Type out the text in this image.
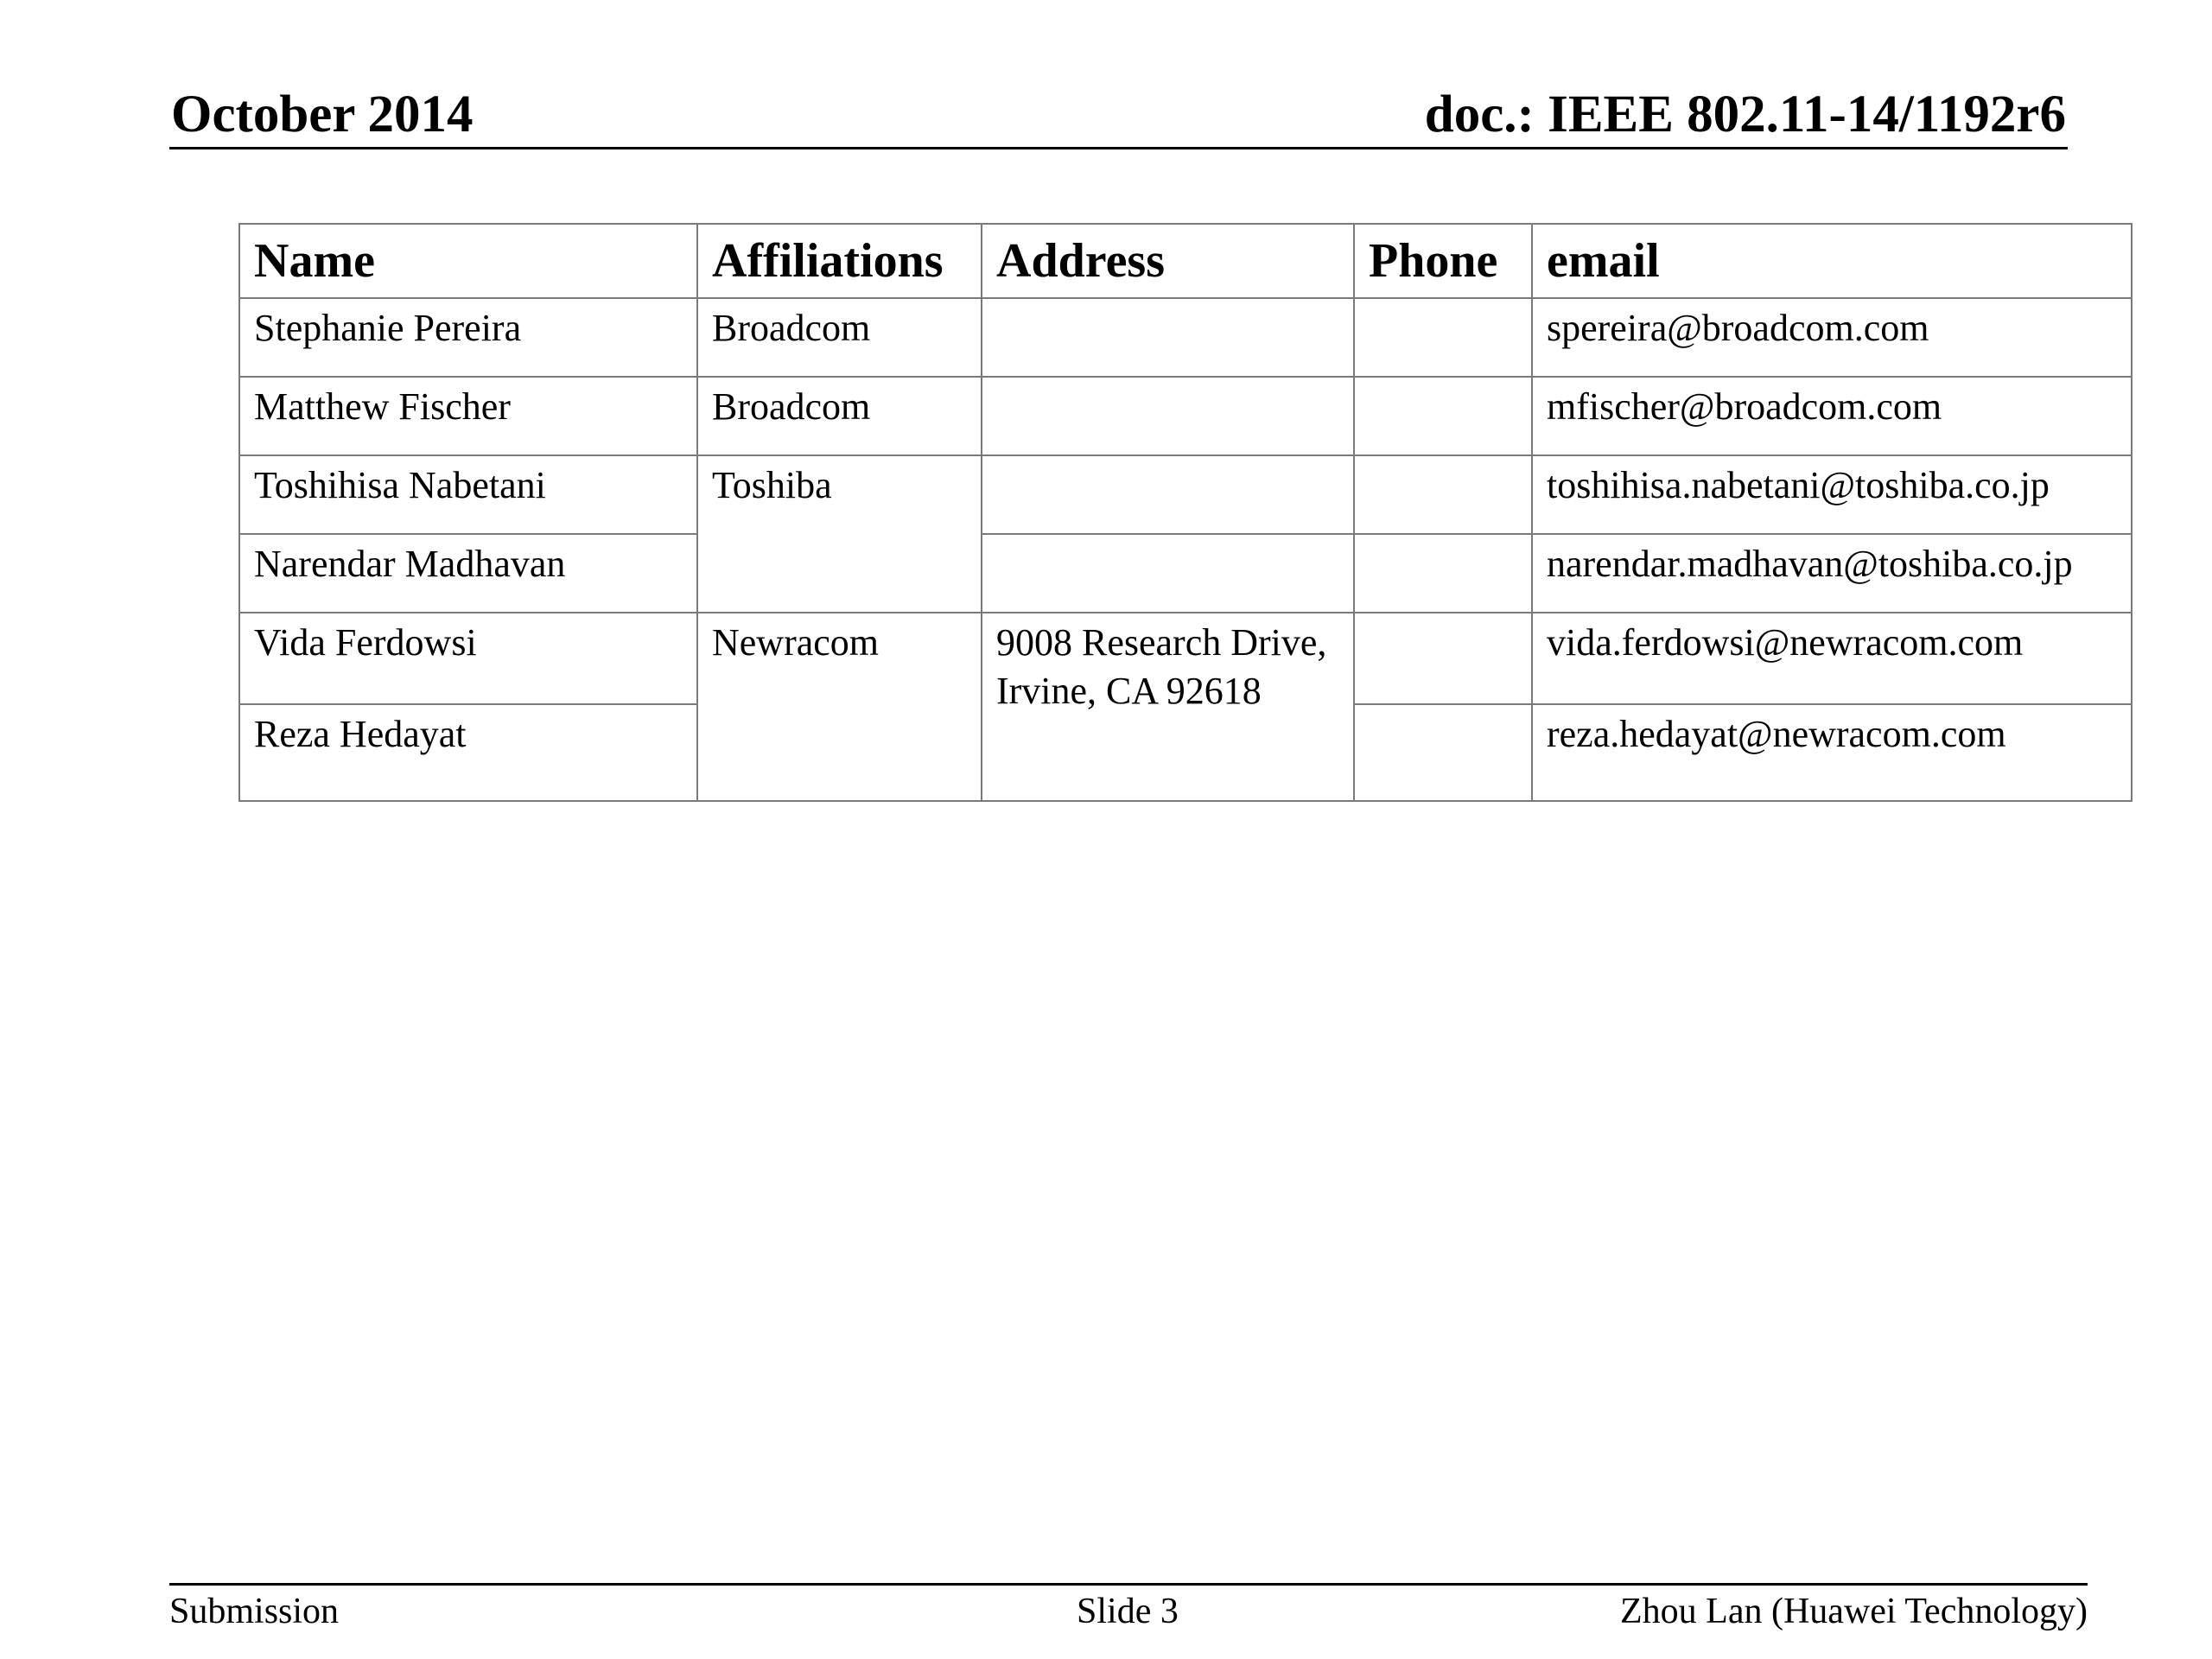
October 2014	doc.: IEEE 802.11-14/1192r6
Name	Affiliations	Address	Phone	email
Stephanie Pereira	Broadcom			spereira@broadcom.com
Matthew Fischer	Broadcom			mfischer@broadcom.com
Toshihisa Nabetani	Toshiba			toshihisa.nabetani@toshiba.co.jp
Narendar Madhavan				narendar.madhavan@toshiba.co.jp
Vida Ferdowsi	Newracom	9008 Research Drive, Irvine, CA 92618		vida.ferdowsi@newracom.com
Reza Hedayat				reza.hedayat@newracom.com
Submission	Slide 3	Zhou Lan (Huawei Technology)
